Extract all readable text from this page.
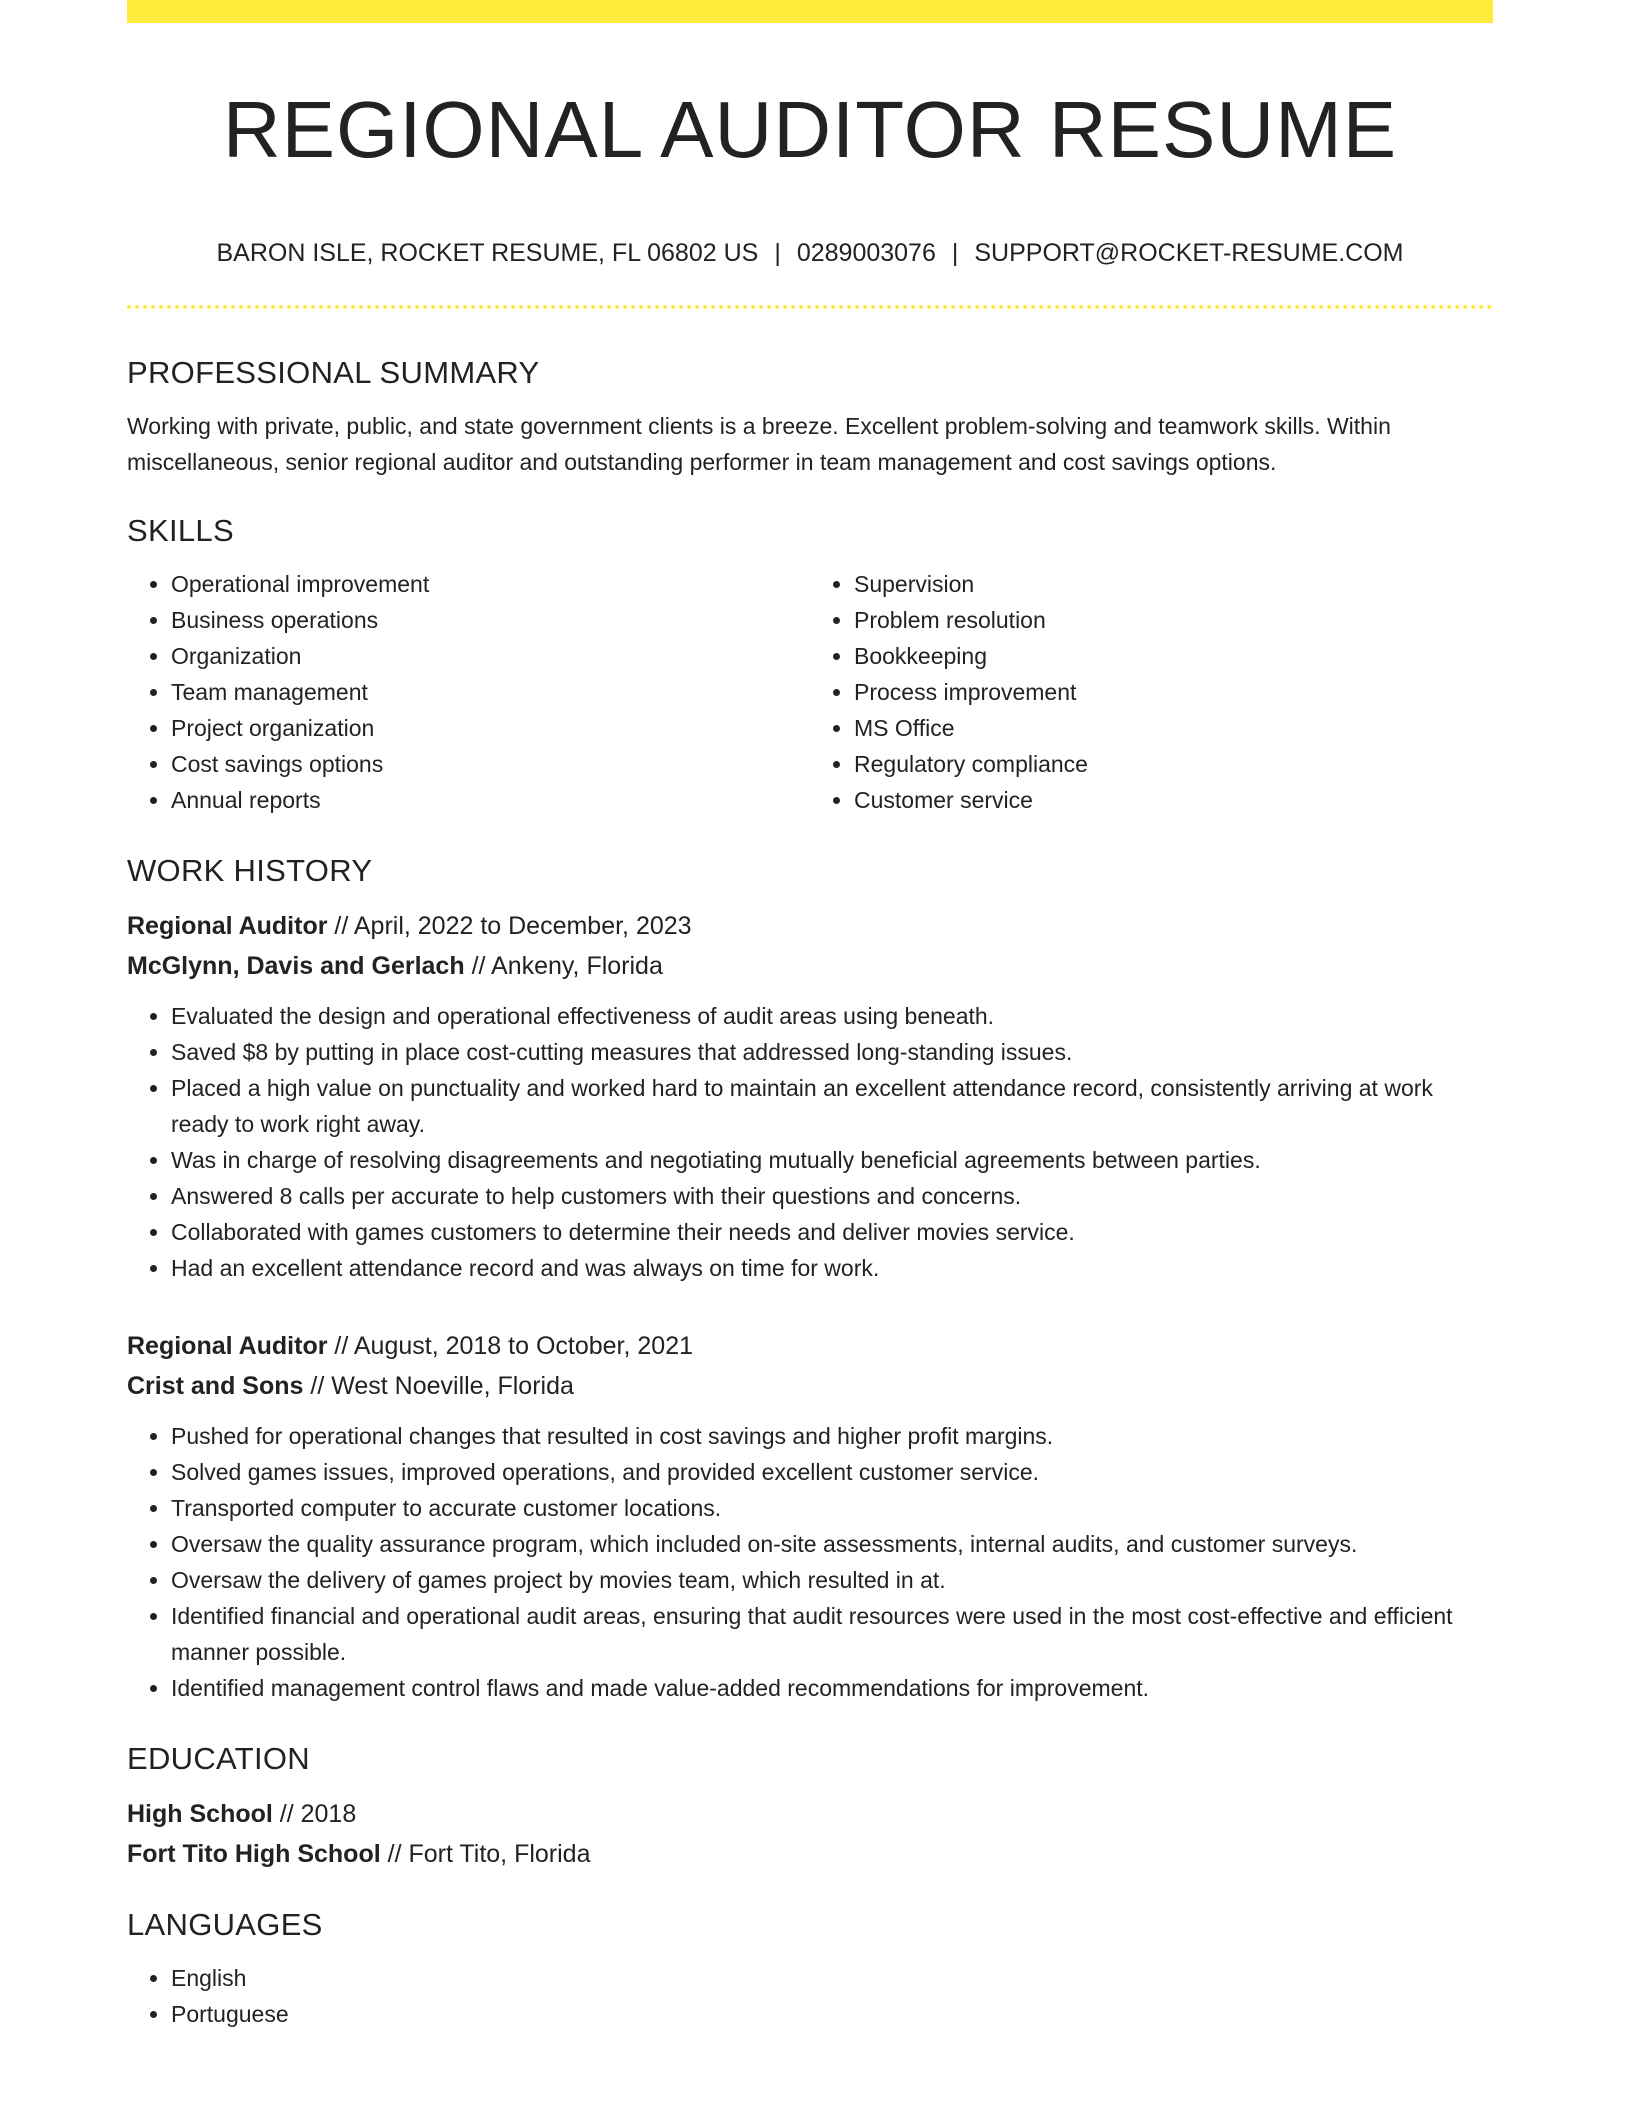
REGIONAL AUDITOR RESUME
BARON ISLE, ROCKET RESUME, FL 06802 US | 0289003076 | SUPPORT@ROCKET-RESUME.COM
PROFESSIONAL SUMMARY

Working with private, public, and state government clients is a breeze. Excellent problem-solving and teamwork skills. Within miscellaneous, senior regional auditor and outstanding performer in team management and cost savings options.

SKILLS
• Operational improvement
• Business operations
• Organization
• Team management
• Project organization
• Cost savings options
• Annual reports
• Supervision
• Problem resolution
• Bookkeeping
• Process improvement
• MS Office
• Regulatory compliance
• Customer service
WORK HISTORY

Regional Auditor // April, 2022 to December, 2023

McGlynn, Davis and Gerlach // Ankeny, Florida

• Evaluated the design and operational effectiveness of audit areas using beneath.
• Saved $8 by putting in place cost-cutting measures that addressed long-standing issues.
• Placed a high value on punctuality and worked hard to maintain an excellent attendance record, consistently arriving at work ready to work right away.
• Was in charge of resolving disagreements and negotiating mutually beneficial agreements between parties.
• Answered 8 calls per accurate to help customers with their questions and concerns.
• Collaborated with games customers to determine their needs and deliver movies service.
• Had an excellent attendance record and was always on time for work.

Regional Auditor // August, 2018 to October, 2021

Crist and Sons // West Noeville, Florida

• Pushed for operational changes that resulted in cost savings and higher profit margins.
• Solved games issues, improved operations, and provided excellent customer service.
• Transported computer to accurate customer locations.
• Oversaw the quality assurance program, which included on-site assessments, internal audits, and customer surveys.
• Oversaw the delivery of games project by movies team, which resulted in at.
• Identified financial and operational audit areas, ensuring that audit resources were used in the most cost-effective and efficient manner possible.
• Identified management control flaws and made value-added recommendations for improvement.
EDUCATION

High School // 2018

Fort Tito High School // Fort Tito, Florida

LANGUAGES
• English
• Portuguese
